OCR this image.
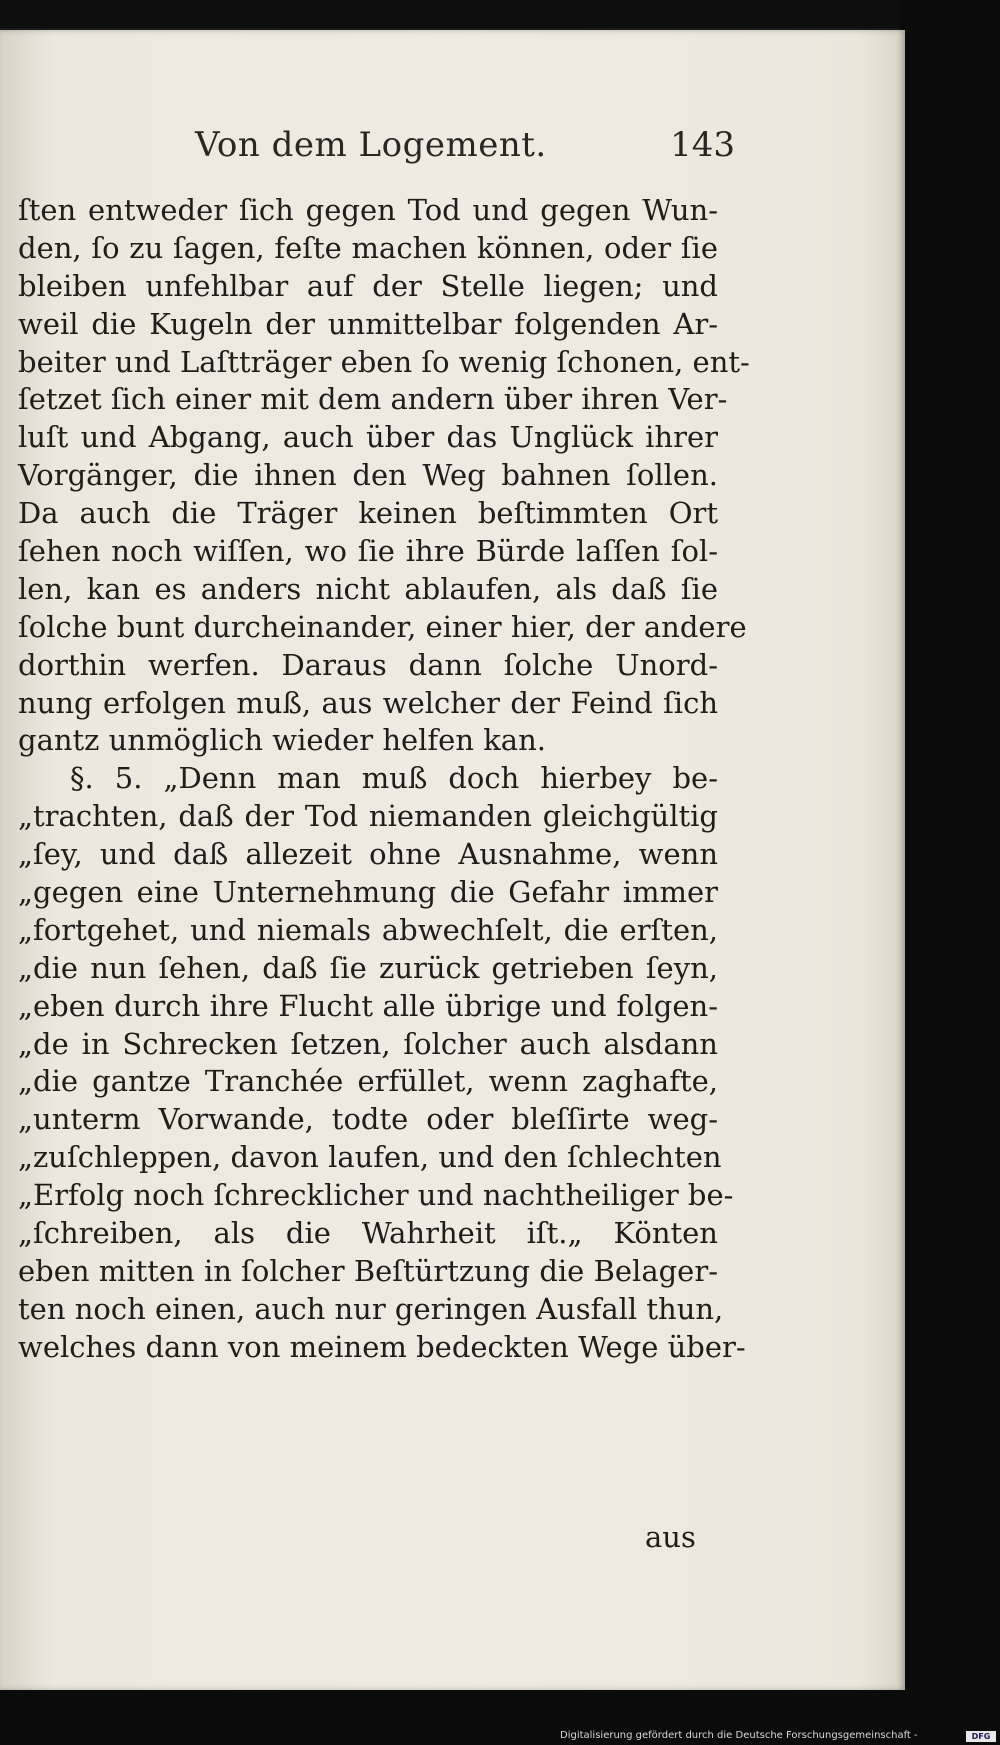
Von dem Logement.	143
ſten entweder ſich gegen Tod und gegen Wun-
den, ſo zu ſagen, feſte machen können, oder ſie
bleiben unfehlbar auf der Stelle liegen; und
weil die Kugeln der unmittelbar folgenden Ar-
beiter und Laſtträger eben ſo wenig ſchonen, ent-
ſetzet ſich einer mit dem andern über ihren Ver-
luſt und Abgang, auch über das Unglück ihrer
Vorgänger, die ihnen den Weg bahnen ſollen.
Da auch die Träger keinen beſtimmten Ort
ſehen noch wiſſen, wo ſie ihre Bürde laſſen ſol-
len, kan es anders nicht ablaufen, als daß ſie
ſolche bunt durcheinander, einer hier, der andere
dorthin werfen. Daraus dann ſolche Unord-
nung erfolgen muß, aus welcher der Feind ſich
gantz unmöglich wieder helfen kan.
§. 5. „Denn man muß doch hierbey be-
„trachten, daß der Tod niemanden gleichgültig
„ſey, und daß allezeit ohne Ausnahme, wenn
„gegen eine Unternehmung die Gefahr immer
„fortgehet, und niemals abwechſelt, die erſten,
„die nun ſehen, daß ſie zurück getrieben ſeyn,
„eben durch ihre Flucht alle übrige und folgen-
„de in Schrecken ſetzen, ſolcher auch alsdann
„die gantze Tranchée erfüllet, wenn zaghafte,
„unterm Vorwande, todte oder bleſſirte weg-
„zuſchleppen, davon laufen, und den ſchlechten
„Erfolg noch ſchrecklicher und nachtheiliger be-
„ſchreiben, als die Wahrheit iſt.„ Könten
eben mitten in ſolcher Beſtürtzung die Belager-
ten noch einen, auch nur geringen Ausfall thun,
welches dann von meinem bedeckten Wege über-
aus
Digitalisierung gefördert durch die Deutsche Forschungsgemeinschaft -	DFG
